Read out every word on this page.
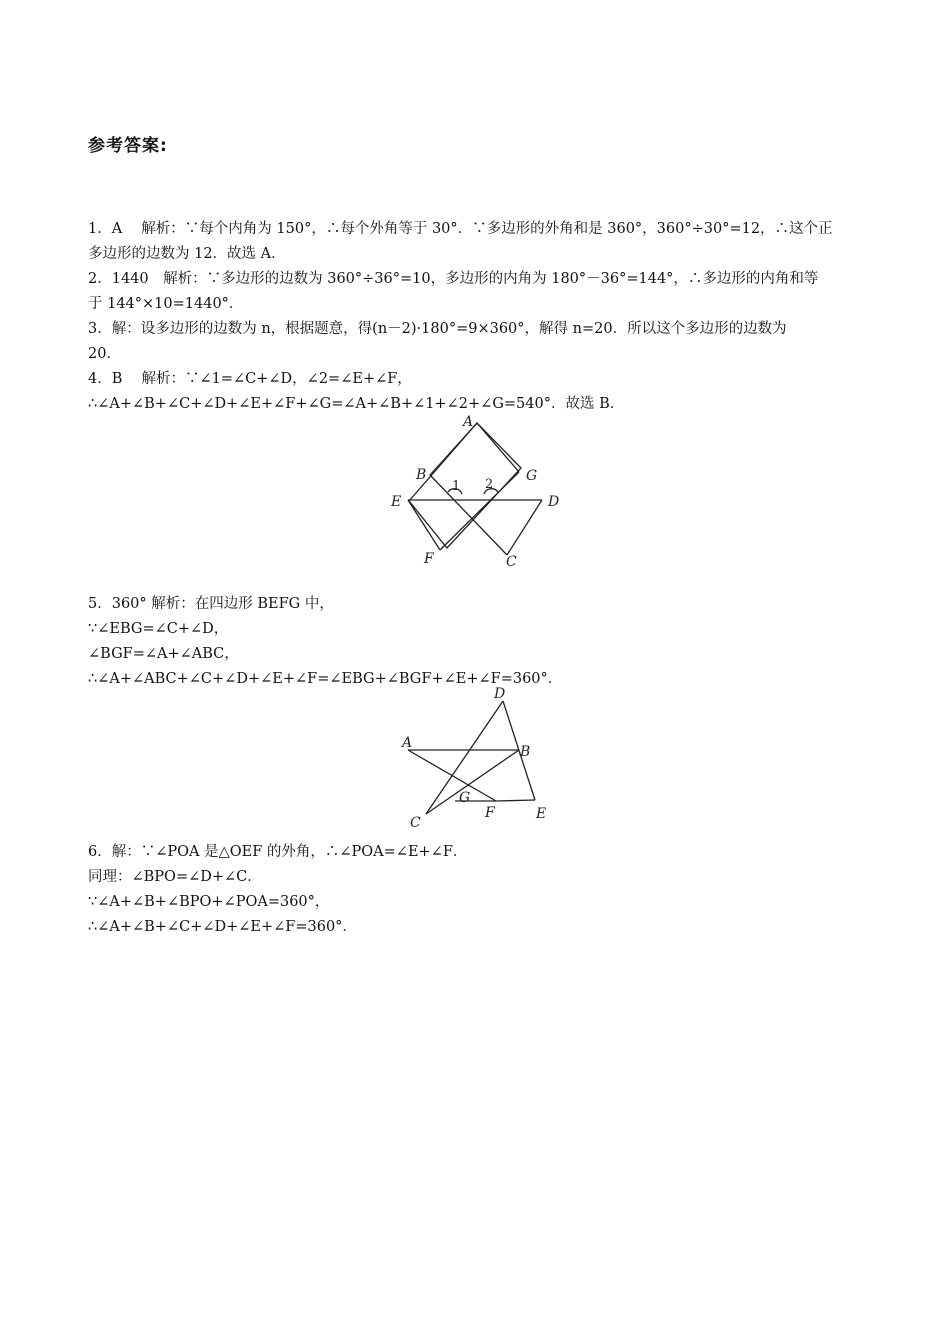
参考答案:
1．A　 解析：∵每个内角为 150°，∴每个外角等于 30°．∵多边形的外角和是 360°，360°÷30°=12，∴这个正
多边形的边数为 12．故选 A．
2．1440　解析：∵多边形的边数为 360°÷36°=10，多边形的内角为 180°－36°=144°，∴多边形的内角和等
于 144°×10=1440°．
3．解：设多边形的边数为 n，根据题意，得(n－2)·180°=9×360°，解得 n=20．所以这个多边形的边数为
20．
4．B　 解析：∵∠1=∠C+∠D，∠2=∠E+∠F，
∴∠A+∠B+∠C+∠D+∠E+∠F+∠G=∠A+∠B+∠1+∠2+∠G=540°．故选 B．
A
B	G
E	D
F	C
1 2
5．360° 解析：在四边形 BEFG 中，
∵∠EBG=∠C+∠D，
∠BGF=∠A+∠ABC，
∴∠A+∠ABC+∠C+∠D+∠E+∠F=∠EBG+∠BGF+∠E+∠F=360°．
D
A
B
G
F	E
C
6．解：∵∠POA 是△OEF 的外角，∴∠POA=∠E+∠F．
同理：∠BPO=∠D+∠C．
∵∠A+∠B+∠BPO+∠POA=360°，
∴∠A+∠B+∠C+∠D+∠E+∠F=360°．
